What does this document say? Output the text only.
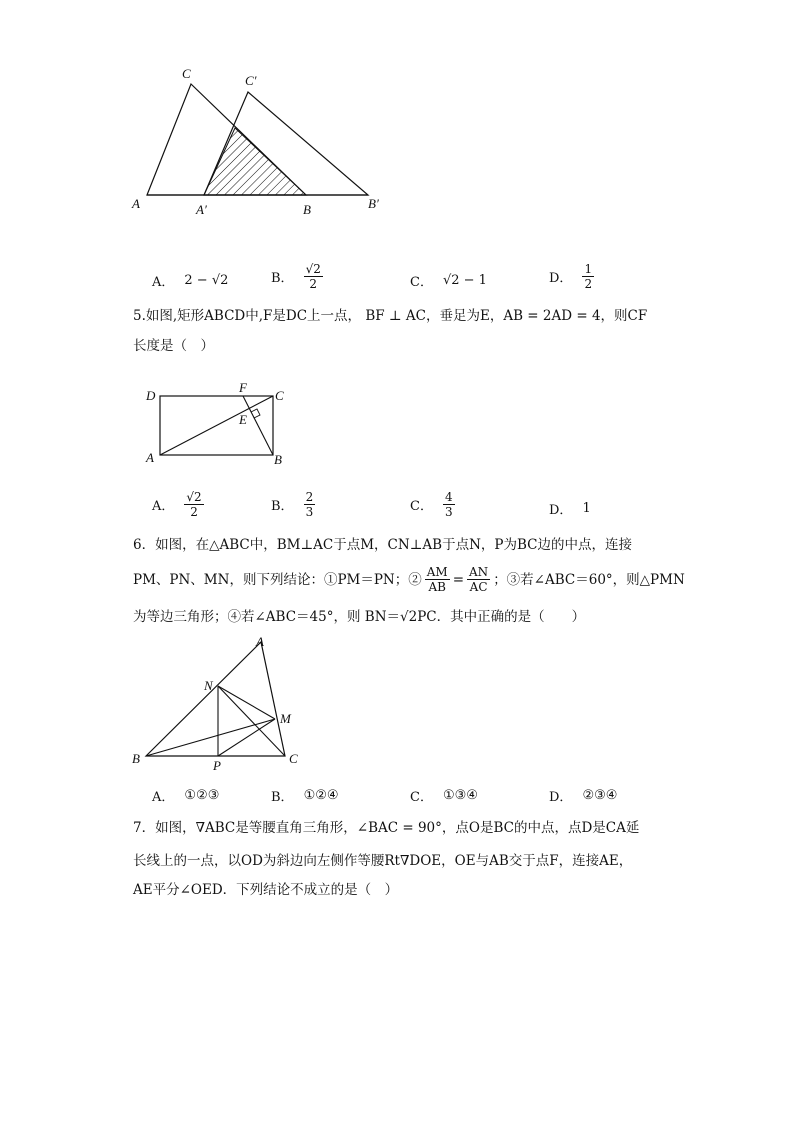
A	A′	B	B′
C	C′
A． 2 − √2	B． $\frac{√2}{2}$	C． √2 − 1	D． $\frac{1}{2}$
5.如图,矩形ABCD中,F是DC上一点， BF ⊥ AC，垂足为E，AB = 2AD = 4，则CF
长度是（　）
D
F
C
E
A	B
A． $\frac{√2}{2}$	B． $\frac{2}{3}$	C． $\frac{4}{3}$	D． 1
6．如图，在△ABC中，BM⊥AC于点M，CN⊥AB于点N，P为BC边的中点，连接
PM、PN、MN，则下列结论：①PM＝PN；② $\frac{AM}{AB} = \frac{AN}{AC}$ ；③若∠ABC＝60°，则△PMN
为等边三角形；④若∠ABC＝45°，则 BN＝√2PC．其中正确的是（　　）
A
N
M
B	P	C
A． ①②③	B． ①②④	C． ①③④	D． ②③④
7．如图，∇ABC是等腰直角三角形，∠BAC = 90°，点O是BC的中点，点D是CA延
长线上的一点，以OD为斜边向左侧作等腰Rt∇DOE，OE与AB交于点F，连接AE，
AE平分∠OED．下列结论不成立的是（　）
